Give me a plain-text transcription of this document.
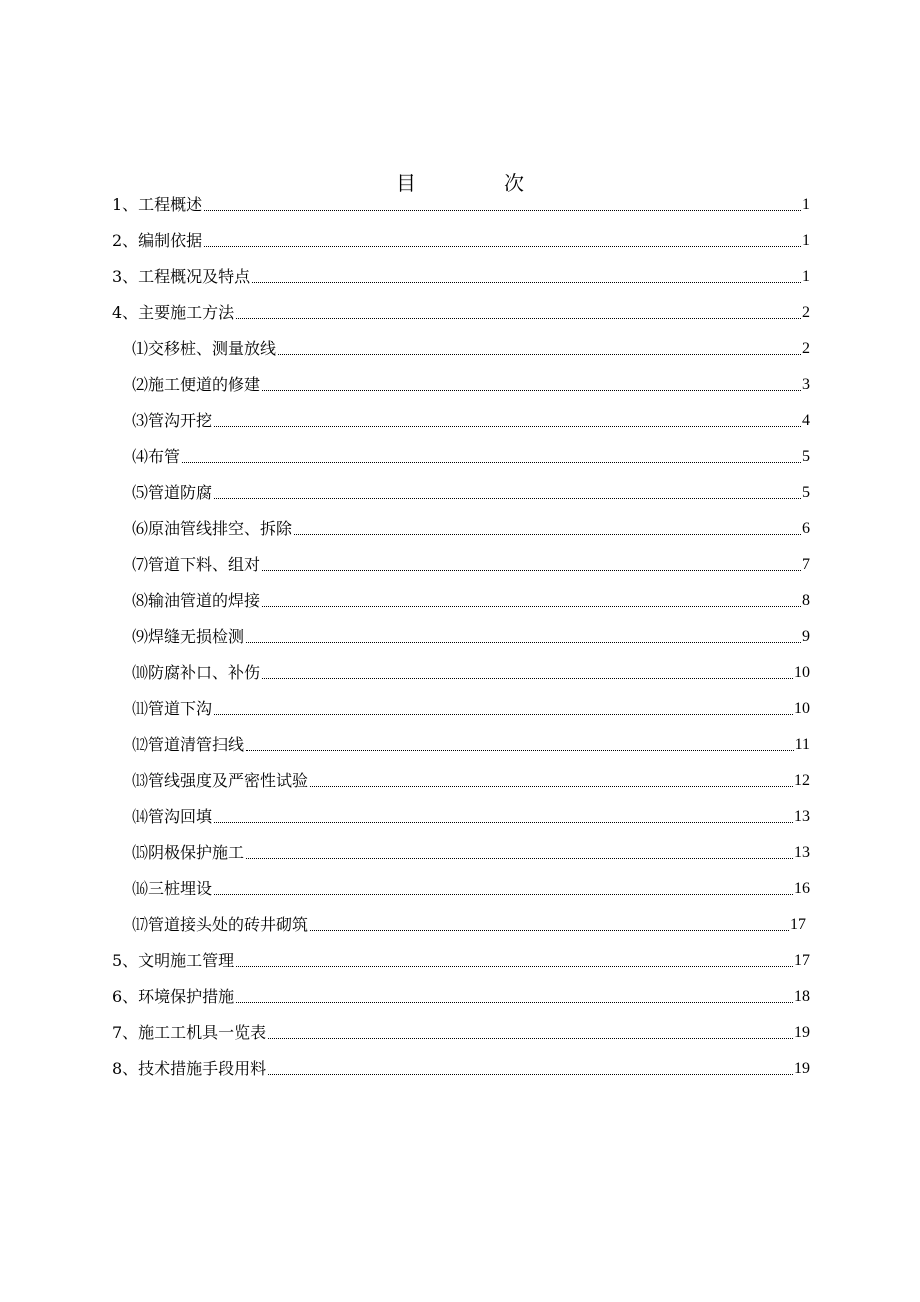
目　次
1、工程概述	1
2、编制依据	1
3、工程概况及特点	1
4、主要施工方法	2
⑴交移桩、测量放线	2
⑵施工便道的修建	3
⑶管沟开挖	4
⑷布管	5
⑸管道防腐	5
⑹原油管线排空、拆除	6
⑺管道下料、组对	7
⑻输油管道的焊接	8
⑼焊缝无损检测	9
⑽防腐补口、补伤	10
⑾管道下沟	10
⑿管道清管扫线	11
⒀管线强度及严密性试验	12
⒁管沟回填	13
⒂阴极保护施工	13
⒃三桩埋设	16
⒄管道接头处的砖井砌筑	17
5、文明施工管理	17
6、环境保护措施	18
7、施工工机具一览表	19
8、技术措施手段用料	19
